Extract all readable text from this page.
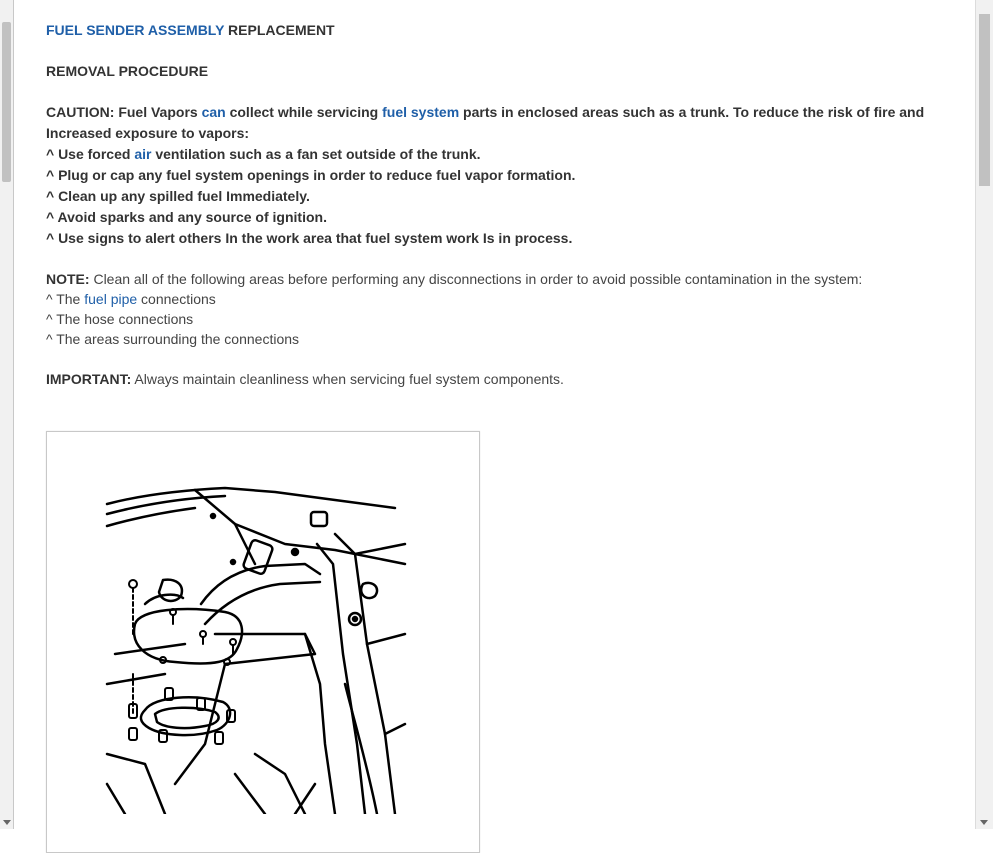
FUEL SENDER ASSEMBLY REPLACEMENT
REMOVAL PROCEDURE
CAUTION: Fuel Vapors can collect while servicing fuel system parts in enclosed areas such as a trunk. To reduce the risk of fire and Increased exposure to vapors:
^ Use forced air ventilation such as a fan set outside of the trunk.
^ Plug or cap any fuel system openings in order to reduce fuel vapor formation.
^ Clean up any spilled fuel Immediately.
^ Avoid sparks and any source of ignition.
^ Use signs to alert others In the work area that fuel system work Is in process.
NOTE: Clean all of the following areas before performing any disconnections in order to avoid possible contamination in the system:
^ The fuel pipe connections
^ The hose connections
^ The areas surrounding the connections
IMPORTANT: Always maintain cleanliness when servicing fuel system components.
